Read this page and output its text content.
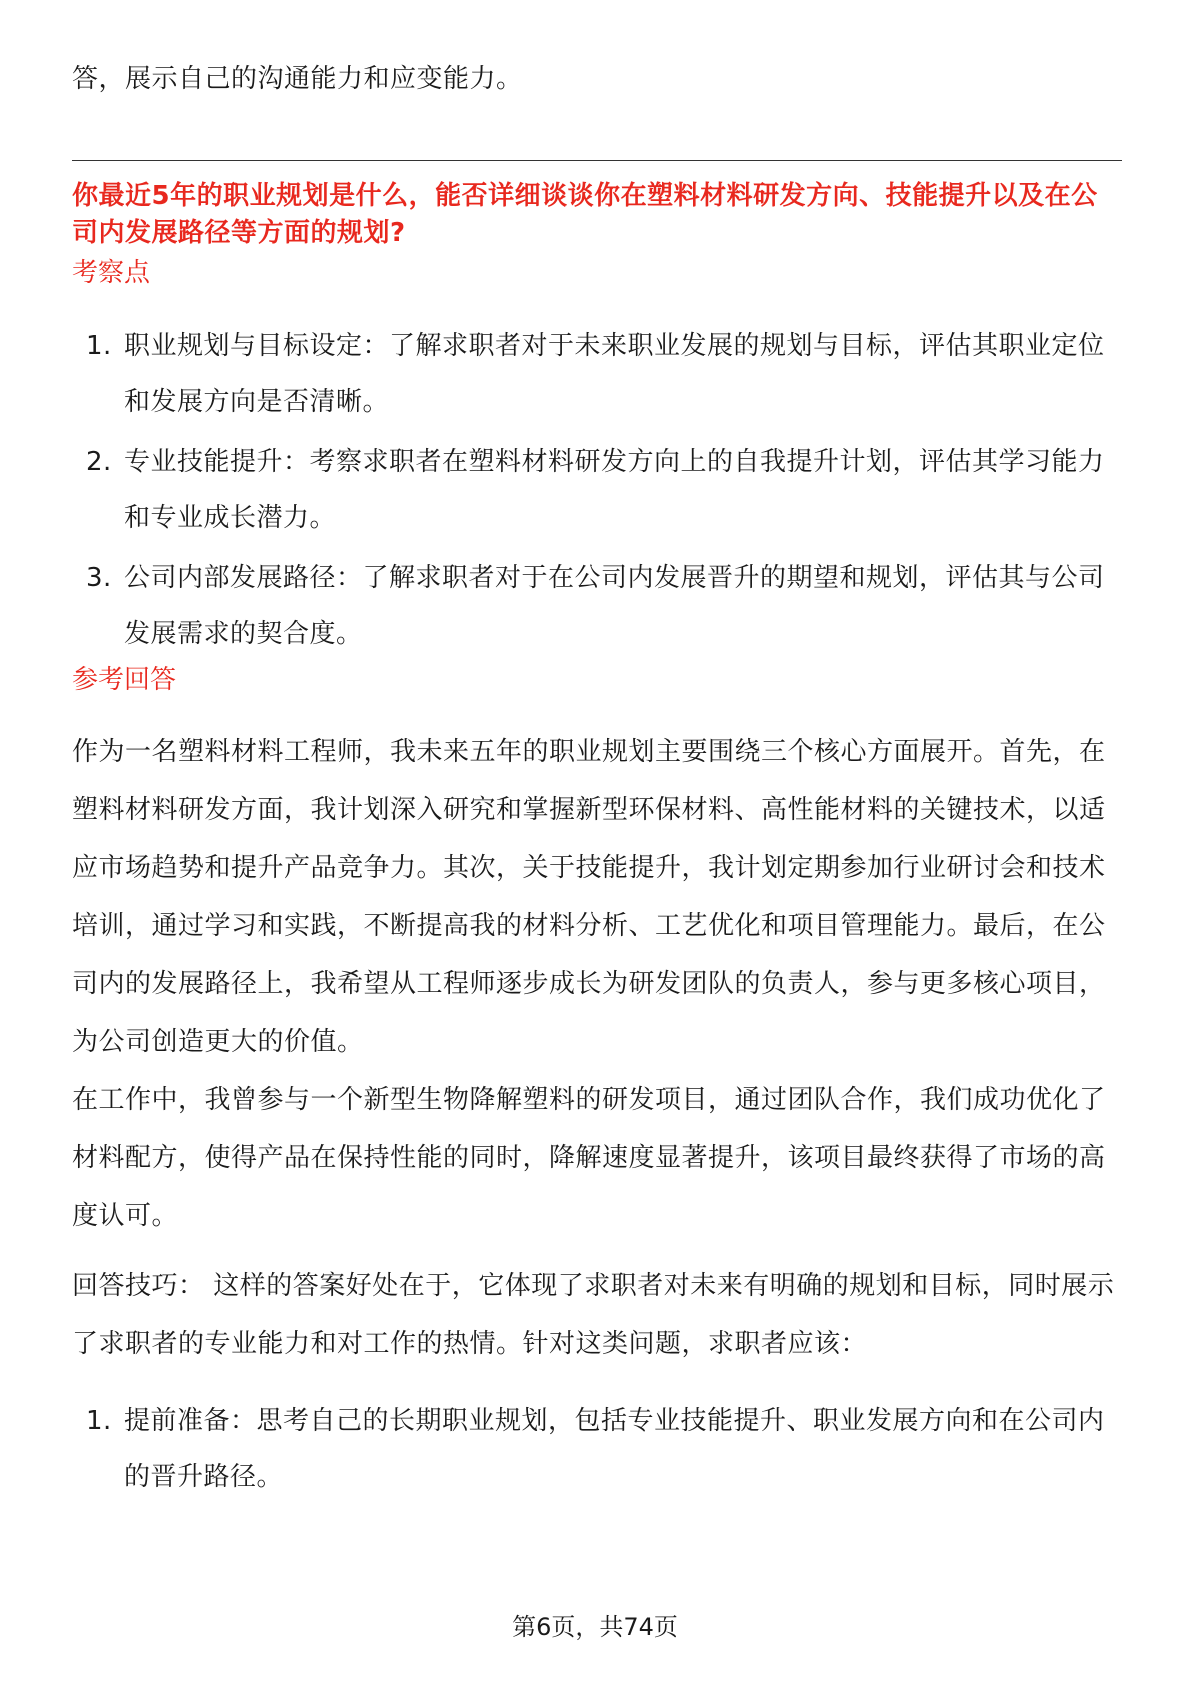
答，展示自己的沟通能力和应变能力。
你最近5年的职业规划是什么，能否详细谈谈你在塑料材料研发方向、技能提升以及在公司内发展路径等方面的规划?
考察点
1. 职业规划与目标设定：了解求职者对于未来职业发展的规划与目标，评估其职业定位和发展方向是否清晰。
2. 专业技能提升：考察求职者在塑料材料研发方向上的自我提升计划，评估其学习能力和专业成长潜力。
3. 公司内部发展路径：了解求职者对于在公司内发展晋升的期望和规划，评估其与公司发展需求的契合度。
参考回答
作为一名塑料材料工程师，我未来五年的职业规划主要围绕三个核心方面展开。首先，在塑料材料研发方面，我计划深入研究和掌握新型环保材料、高性能材料的关键技术，以适应市场趋势和提升产品竞争力。其次，关于技能提升，我计划定期参加行业研讨会和技术培训，通过学习和实践，不断提高我的材料分析、工艺优化和项目管理能力。最后，在公司内的发展路径上，我希望从工程师逐步成长为研发团队的负责人，参与更多核心项目，为公司创造更大的价值。
在工作中，我曾参与一个新型生物降解塑料的研发项目，通过团队合作，我们成功优化了材料配方，使得产品在保持性能的同时，降解速度显著提升，该项目最终获得了市场的高度认可。
回答技巧： 这样的答案好处在于，它体现了求职者对未来有明确的规划和目标，同时展示了求职者的专业能力和对工作的热情。针对这类问题，求职者应该：
1. 提前准备：思考自己的长期职业规划，包括专业技能提升、职业发展方向和在公司内的晋升路径。
第6页，共74页
